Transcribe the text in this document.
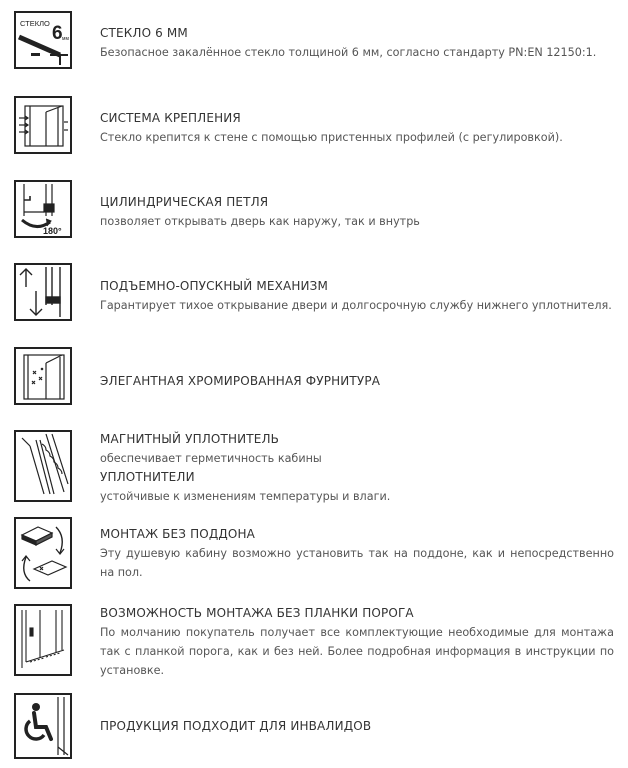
СТЕКЛО 6 мм	СТЕКЛО 6 ММ
Безопасное закалённое стекло толщиной 6 мм, согласно стандарту PN:EN 12150:1.
СИСТЕМА КРЕПЛЕНИЯ
Стекло крепится к стене с помощью пристенных профилей (с регулировкой).
180°
ЦИЛИНДРИЧЕСКАЯ ПЕТЛЯ
позволяет открывать дверь как наружу, так и внутрь
ПОДЪЕМНО-ОПУСКНЫЙ МЕХАНИЗМ
Гарантирует тихое открывание двери и долгосрочную службу нижнего уплотнителя.
ЭЛЕГАНТНАЯ ХРОМИРОВАННАЯ ФУРНИТУРА
МАГНИТНЫЙ УПЛОТНИТЕЛЬ
обеспечивает герметичность кабины
УПЛОТНИТЕЛИ
устойчивые к изменениям температуры и влаги.
МОНТАЖ БЕЗ ПОДДОНА
Эту душевую кабину возможно установить так на поддоне, как и непосредственно на пол.
ВОЗМОЖНОСТЬ МОНТАЖА БЕЗ ПЛАНКИ ПОРОГА
По молчанию покупатель получает все комплектующие необходимые для монтажа так с планкой порога, как и без ней. Более подробная информация в инструкции по установке.
ПРОДУКЦИЯ ПОДХОДИТ ДЛЯ ИНВАЛИДОВ
